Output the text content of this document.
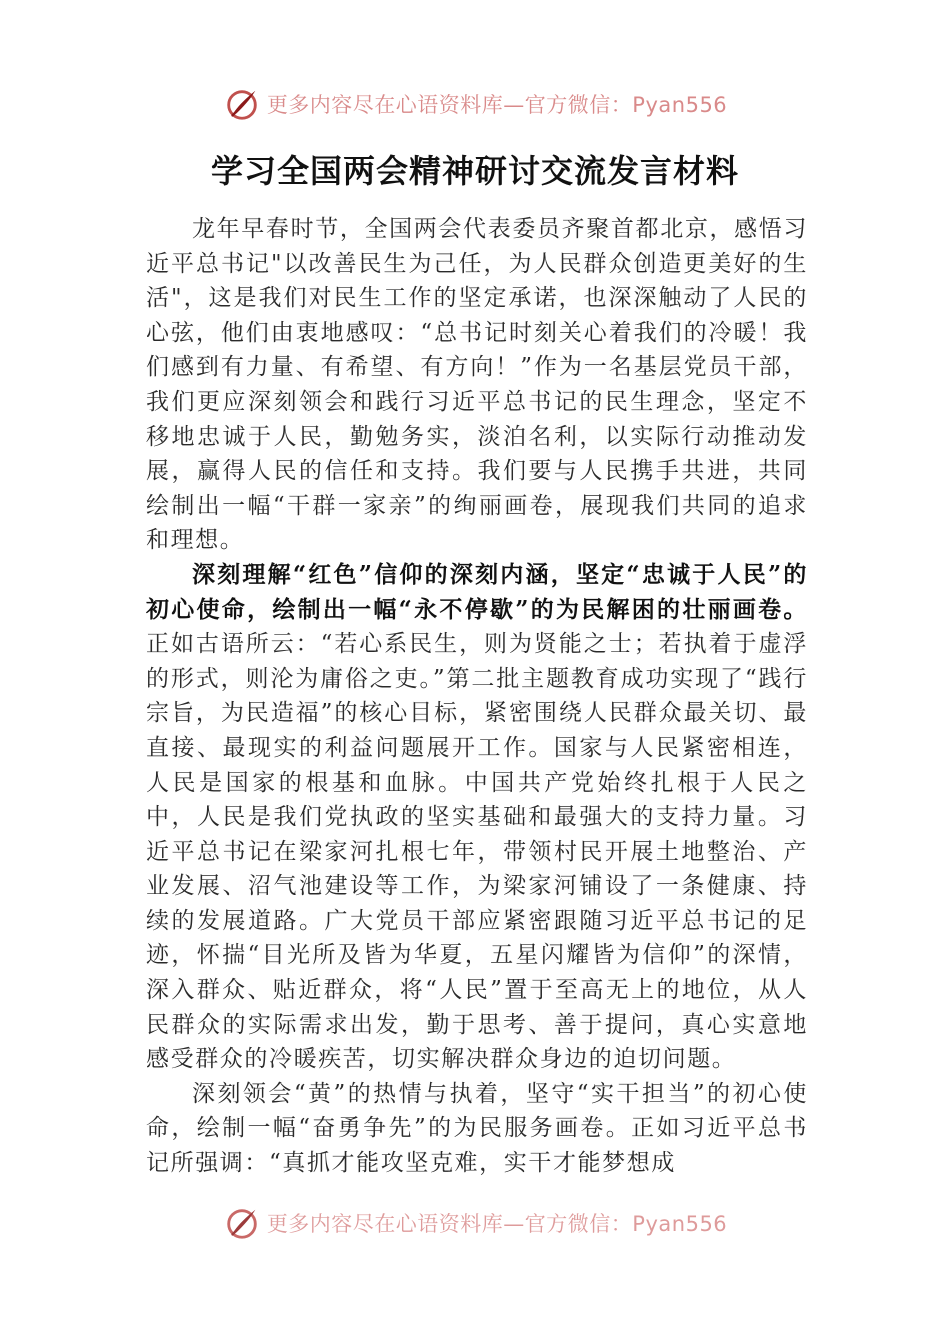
更多内容尽在心语资料库—官方微信：Pyan556
学习全国两会精神研讨交流发言材料

龙年早春时节，全国两会代表委员齐聚首都北京，感悟习近平总书记"以改善民生为己任，为人民群众创造更美好的生活"，这是我们对民生工作的坚定承诺，也深深触动了人民的心弦，他们由衷地感叹：“总书记时刻关心着我们的冷暖！我们感到有力量、有希望、有方向！”作为一名基层党员干部，我们更应深刻领会和践行习近平总书记的民生理念，坚定不移地忠诚于人民，勤勉务实，淡泊名利，以实际行动推动发展，赢得人民的信任和支持。我们要与人民携手共进，共同绘制出一幅“干群一家亲”的绚丽画卷，展现我们共同的追求和理想。

深刻理解“红色”信仰的深刻内涵，坚定“忠诚于人民”的初心使命，绘制出一幅“永不停歇”的为民解困的壮丽画卷。正如古语所云：“若心系民生，则为贤能之士；若执着于虚浮的形式，则沦为庸俗之吏。”第二批主题教育成功实现了“践行宗旨，为民造福”的核心目标，紧密围绕人民群众最关切、最直接、最现实的利益问题展开工作。国家与人民紧密相连，人民是国家的根基和血脉。中国共产党始终扎根于人民之中，人民是我们党执政的坚实基础和最强大的支持力量。习近平总书记在梁家河扎根七年，带领村民开展土地整治、产业发展、沼气池建设等工作，为梁家河铺设了一条健康、持续的发展道路。广大党员干部应紧密跟随习近平总书记的足迹，怀揣“目光所及皆为华夏，五星闪耀皆为信仰”的深情，深入群众、贴近群众，将“人民”置于至高无上的地位，从人民群众的实际需求出发，勤于思考、善于提问，真心实意地感受群众的冷暖疾苦，切实解决群众身边的迫切问题。

深刻领会“黄”的热情与执着，坚守“实干担当”的初心使命，绘制一幅“奋勇争先”的为民服务画卷。正如习近平总书记所强调：“真抓才能攻坚克难，实干才能梦想成

更多内容尽在心语资料库—官方微信：Pyan556
